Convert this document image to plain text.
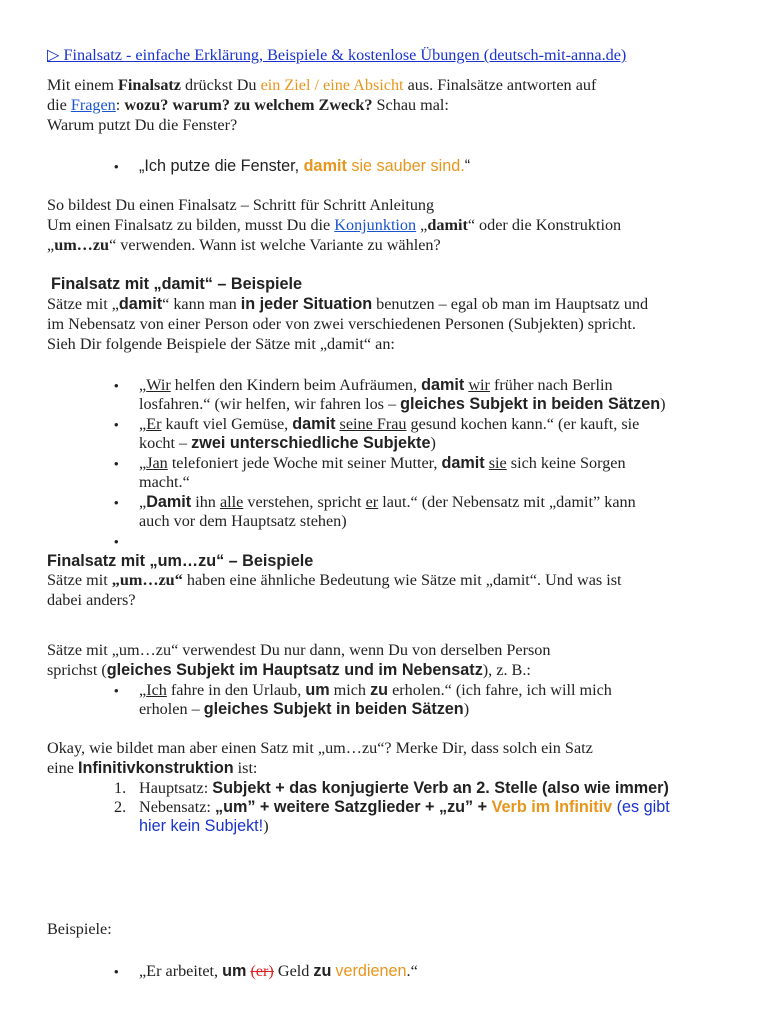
▷ Finalsatz - einfache Erklärung, Beispiele & kostenlose Übungen (deutsch-mit-anna.de)
Mit einem Finalsatz drückst Du ein Ziel / eine Absicht aus. Finalsätze antworten auf
die Fragen: wozu? warum? zu welchem Zweck? Schau mal:
Warum putzt Du die Fenster?
• „Ich putze die Fenster, damit sie sauber sind.“
So bildest Du einen Finalsatz – Schritt für Schritt Anleitung
Um einen Finalsatz zu bilden, musst Du die Konjunktion „damit“ oder die Konstruktion
„um…zu“ verwenden. Wann ist welche Variante zu wählen?
Finalsatz mit „damit“ – Beispiele
Sätze mit „damit“ kann man in jeder Situation benutzen – egal ob man im Hauptsatz und
im Nebensatz von einer Person oder von zwei verschiedenen Personen (Subjekten) spricht.
Sieh Dir folgende Beispiele der Sätze mit „damit“ an:
• „Wir helfen den Kindern beim Aufräumen, damit wir früher nach Berlin
losfahren.“ (wir helfen, wir fahren los – gleiches Subjekt in beiden Sätzen)
• „Er kauft viel Gemüse, damit seine Frau gesund kochen kann.“ (er kauft, sie
kocht – zwei unterschiedliche Subjekte)
• „Jan telefoniert jede Woche mit seiner Mutter, damit sie sich keine Sorgen
macht.“
• „Damit ihn alle verstehen, spricht er laut.“ (der Nebensatz mit „damit” kann
auch vor dem Hauptsatz stehen)
•
Finalsatz mit „um…zu“ – Beispiele
Sätze mit „um…zu“ haben eine ähnliche Bedeutung wie Sätze mit „damit“. Und was ist
dabei anders?
Sätze mit „um…zu“ verwendest Du nur dann, wenn Du von derselben Person
sprichst (gleiches Subjekt im Hauptsatz und im Nebensatz), z. B.:
• „Ich fahre in den Urlaub, um mich zu erholen.“ (ich fahre, ich will mich
erholen – gleiches Subjekt in beiden Sätzen)
Okay, wie bildet man aber einen Satz mit „um…zu“? Merke Dir, dass solch ein Satz
eine Infinitivkonstruktion ist:
1. Hauptsatz: Subjekt + das konjugierte Verb an 2. Stelle (also wie immer)
2. Nebensatz: „um” + weitere Satzglieder + „zu” + Verb im Infinitiv (es gibt
hier kein Subjekt!)
Beispiele:
• „Er arbeitet, um (er) Geld zu verdienen.“
